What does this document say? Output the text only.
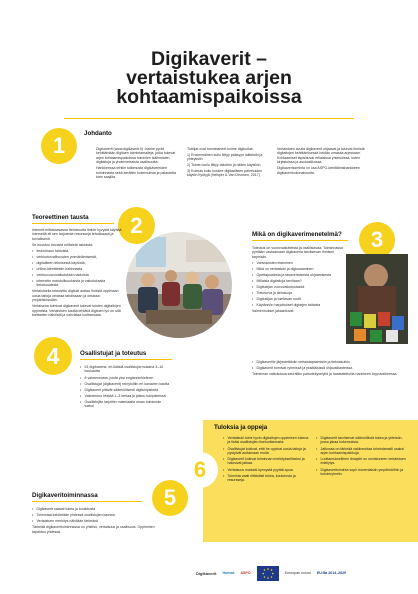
Digikaverit –
vertaistukea arjen
kohtaamispaikoissa
1	Johdanto

Digikaverit (www.digikaverit.fi) -hanke pyrkii kehittämään digituen toimintamalleja, jotka tukevat arjen kohtaamispaikoissa toimivien ikäihmisten digitaitoja ja yhdenvertaista osallisuutta.

Hankkeessa tehtiin tutkimusta digikavereiden toiminnasta sekä kerättiin kokemuksia ja palautetta tuen saajilta.

Tutkijat ovat tunnistaneet kolme digikuilua:

1) Ensimmäinen kuilu liittyy pääsyyn laitteisiin ja yhteyksiin

2) Toinen kuilu liittyy taitoihin ja niiden käyttöön

3) Kolmas kuilu koskee digitaalisten palveluiden käytön hyötyjä (Helsper & Van Deursen, 2017)

Vertaistuen avulla digikaverit ohjaavat ja tukevat ihmisiä digitaitojen kehittämisessä heidän omassa arjessaan. Kohtaamiset tapahtuvat erilaisissa yhteisöissä, kuten kirjastoissa ja asukastiloissa.

Digikaveritoiminta on osa ASPO-kehittämishankkeen digikaverikokonaisuutta.

Teoreettinen tausta	2

Internet-mittakaavassa tietoisuutta ilmiön kyvystä käyttää internetiä eli sen tarjoamia resursseja tehokkaasti ja turvallisesti.

Se koostuu monista erillisistä taidoista:

• tiedonhaun taidoista,
• verkkoturvallisuuden ymmärtämisestä,
• digilaitteen teknisestä käytöstä,
• online-identiteetin hallinnasta
• verkkovuorovaikutuksen taidoista
• internetin mahdollisuuksista ja vaikutuksista tietoisuudesta

Vertaistuella toteutettu digituki auttaa ihmisiä oppimaan uusia taitoja omassa tahdissaan ja omassa ympäristössään.

Vertaisena toimivat digikaverit tukevat toisten digitaitojen oppimista. Vertaistuen kautta tehtävä digituen työ on sitä tuettavien näköistä ja vahvistaa luottamusta.

Mikä on digikaverimenetelmä?	3

Toteutus on vuorovaikutteista ja osallistavaa. Toiminnassa pyritään vastaamaan digikaveria tarvitsevan ihmisen tarpeisiin.

• Vahvuuksien etsiminen
• Mikä on vertaistuki ja digiosaaminen
• Opettajuudesta ja tasavertaisesta ohjaamisesta
• Millaisia digitaitoja tarvitaan?
• Digitukijan vuorovaikutustaidot
• Tietoturva ja tietosuoja
• Digitukijan ja tuettavan roolit
• Käytännön harjoitukset digiarjen taitoista

Valmennukset jakaantuvat:

• Digikaverille järjestettäviin vertaistapaamisiin ja tietoiskuihin
• Digikaverit toimivat ryhmissä ja yksittäisissä ohjaustilanteissa

Toiminnan vaikutuksia seurattiin palautekyselyllä ja haastatteluilla hankkeen loppuvaiheessa.

4	Osallistujat ja toteutus
• 51 digikaveria, eri-ikäisiä osallistujia mukana 3–10 kuukautta
• 8 valmennusta, joista yksi englanninkielinen
• Osallistujat (digikaverit) rekrytoitiin eri kanavien kautta
• Digikaverit pitävät säännöllisesti digitukipisteitä
• Valmennus kestää 1–3 kertaa ja jatkuu tukipisteissä
• Osallistujille tarjottiin materiaalia oman toiminnan tueksi
5
Digikaveritoiminnassa
• Digikaverit saavat tukea ja koulutusta
• Toimintaa kehitetään yhdessä osallistujien kanssa
• Vertaistuen merkitys nähdään tärkeänä

Tärkeää digikaveritoiminnassa on yhteisö, vertaisuus ja osallisuus. Oppiminen tapahtuu yhdessä.

Tuloksia ja oppeja
6
• Vertaistuki toimi hyvin digitaitojen oppimisen tukena ja lisäsi osallistujien itseluottamusta.
• Osallistujat kokivat, että he oppivat uusia taitoja ja pystyivät auttamaan muita.
• Digikaverit kokivat toiminnan merkitykselliseksi ja halusivat jatkaa.
• Vertaisuus madalsi kynnystä pyytää apua.
• Toiminta vaati riittävästi tukea, koulutusta ja resursseja.
• Digikaverit tarvitsevat säännöllistä tukea ja yhteisön, jossa jakaa kokemuksia.
• Jatkossa on tärkeää vakiinnuttaa toimintamalli osaksi arjen kohtaamispaikkoja.
• Luottamuksellinen ilmapiiri on onnistuneen vertaistuen edellytys.
• Digikaveritoiminta sopii monenlaisiin ympäristöihin ja kohderyhmiin.
Digikaverit Humak ASPO	Euroopan unioni EU:lta 2014–2020
